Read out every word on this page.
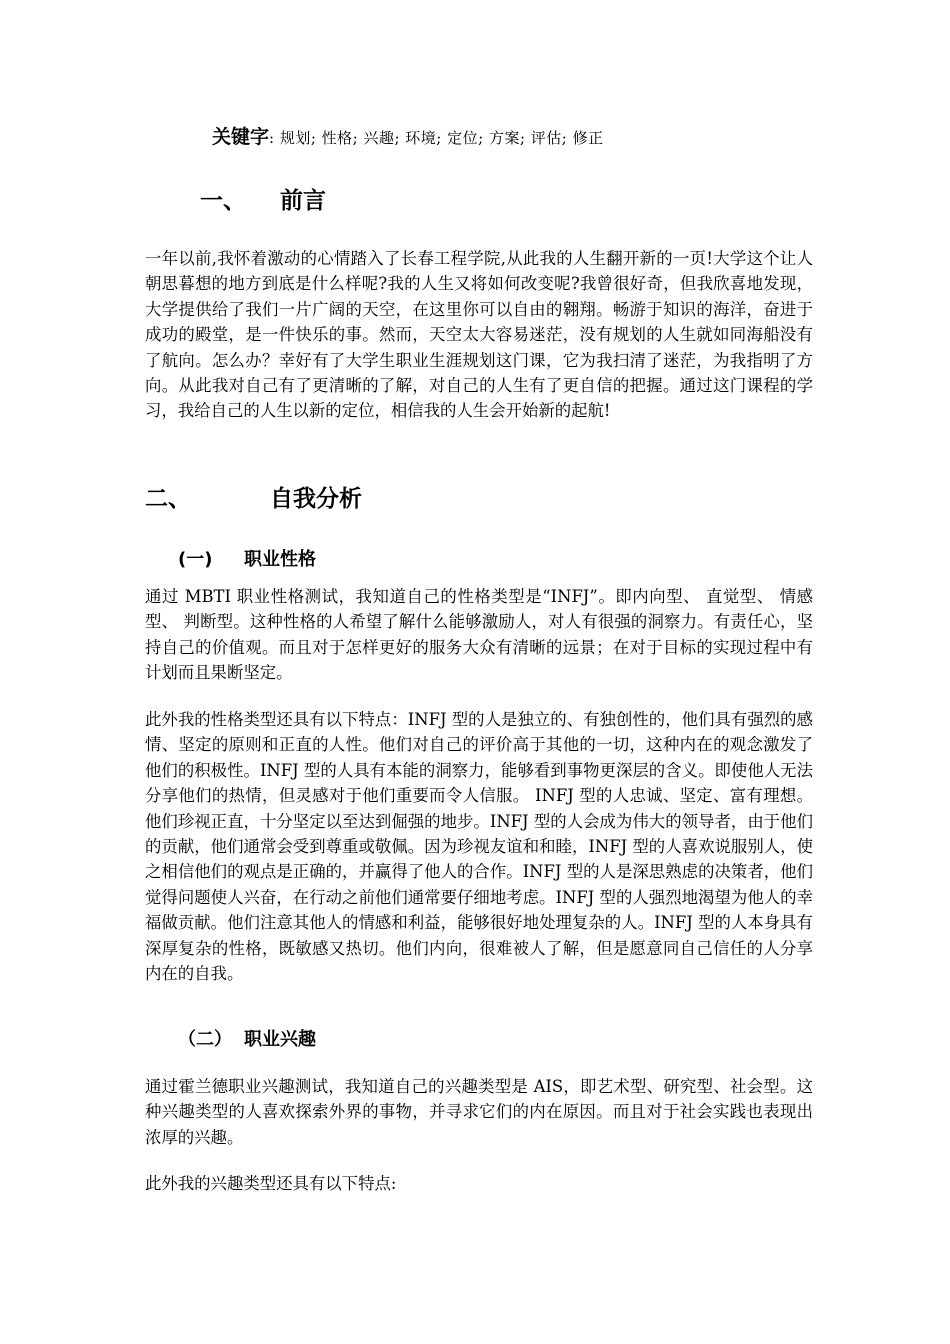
关键字: 规划; 性格; 兴趣; 环境; 定位; 方案; 评估; 修正
一、 前言

一年以前,我怀着激动的心情踏入了长春工程学院,从此我的人生翻开新的一页!大学这个让人朝思暮想的地方到底是什么样呢?我的人生又将如何改变呢?我曾很好奇，但我欣喜地发现，大学提供给了我们一片广阔的天空，在这里你可以自由的翱翔。畅游于知识的海洋，奋进于成功的殿堂，是一件快乐的事。然而，天空太大容易迷茫，没有规划的人生就如同海船没有了航向。怎么办？幸好有了大学生职业生涯规划这门课，它为我扫清了迷茫，为我指明了方向。从此我对自己有了更清晰的了解，对自己的人生有了更自信的把握。通过这门课程的学习，我给自己的人生以新的定位，相信我的人生会开始新的起航!

二、	自我分析
(一) 职业性格

通过 MBTI 职业性格测试，我知道自己的性格类型是“INFJ”。即内向型、 直觉型、 情感型、 判断型。这种性格的人希望了解什么能够激励人，对人有很强的洞察力。有责任心，坚持自己的价值观。而且对于怎样更好的服务大众有清晰的远景；在对于目标的实现过程中有计划而且果断坚定。

此外我的性格类型还具有以下特点：INFJ 型的人是独立的、有独创性的，他们具有强烈的感情、坚定的原则和正直的人性。他们对自己的评价高于其他的一切，这种内在的观念激发了他们的积极性。INFJ 型的人具有本能的洞察力，能够看到事物更深层的含义。即使他人无法分享他们的热情，但灵感对于他们重要而令人信服。 INFJ 型的人忠诚、坚定、富有理想。他们珍视正直，十分坚定以至达到倔强的地步。INFJ 型的人会成为伟大的领导者，由于他们的贡献，他们通常会受到尊重或敬佩。因为珍视友谊和和睦，INFJ 型的人喜欢说服别人，使之相信他们的观点是正确的，并赢得了他人的合作。INFJ 型的人是深思熟虑的决策者，他们觉得问题使人兴奋，在行动之前他们通常要仔细地考虑。INFJ 型的人强烈地渴望为他人的幸福做贡献。他们注意其他人的情感和利益，能够很好地处理复杂的人。INFJ 型的人本身具有深厚复杂的性格，既敏感又热切。他们内向，很难被人了解，但是愿意同自己信任的人分享内在的自我。

（二） 职业兴趣

通过霍兰德职业兴趣测试，我知道自己的兴趣类型是 AIS，即艺术型、研究型、社会型。这种兴趣类型的人喜欢探索外界的事物，并寻求它们的内在原因。而且对于社会实践也表现出浓厚的兴趣。

此外我的兴趣类型还具有以下特点:
